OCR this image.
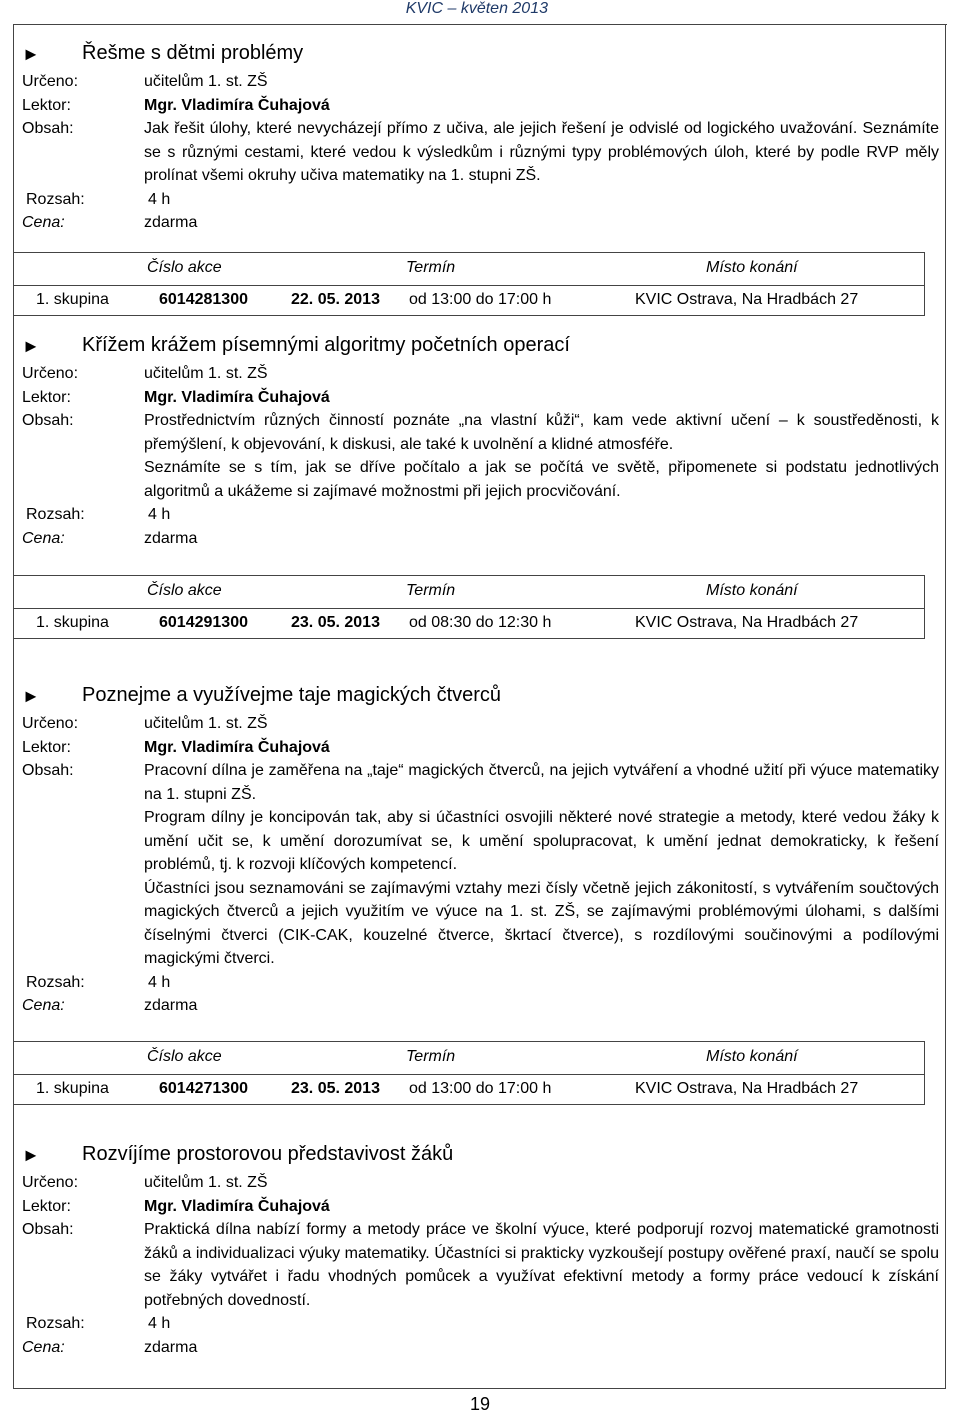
KVIC – květen 2013
► Řešme s dětmi problémy
Určeno:	učitelům 1. st. ZŠ
Lektor:	Mgr. Vladimíra Čuhajová
Obsah:	Jak řešit úlohy, které nevycházejí přímo z učiva, ale jejich řešení je odvislé od logického uvažování. Seznámíte se s různými cestami, které vedou k výsledkům i různými typy problémových úloh, které by podle RVP měly prolínat všemi okruhy učiva matematiky na 1. stupni ZŠ.

Rozsah:	4 h
Cena:	zdarma
Číslo akce	Termín	Místo konání
1. skupina	6014281300	22. 05. 2013 od 13:00 do 17:00 h	KVIC Ostrava, Na Hradbách 27
► Křížem krážem písemnými algoritmy početních operací
Určeno:	učitelům 1. st. ZŠ
Lektor:	Mgr. Vladimíra Čuhajová
Obsah:	Prostřednictvím různých činností poznáte „na vlastní kůži“, kam vede aktivní učení – k soustředěnosti, k přemýšlení, k objevování, k diskusi, ale také k uvolnění a klidné atmosféře.

Seznámíte se s tím, jak se dříve počítalo a jak se počítá ve světě, připomenete si podstatu jednotlivých algoritmů a ukážeme si zajímavé možnostmi při jejich procvičování.

Rozsah:	4 h
Cena:	zdarma
Číslo akce	Termín	Místo konání
1. skupina	6014291300	23. 05. 2013 od 08:30 do 12:30 h	KVIC Ostrava, Na Hradbách 27
► Poznejme a využívejme taje magických čtverců
Určeno:	učitelům 1. st. ZŠ
Lektor:	Mgr. Vladimíra Čuhajová
Obsah:	Pracovní dílna je zaměřena na „taje“ magických čtverců, na jejich vytváření a vhodné užití při výuce matematiky na 1. stupni ZŠ.

Program dílny je koncipován tak, aby si účastníci osvojili některé nové strategie a metody, které vedou žáky k umění učit se, k umění dorozumívat se, k umění spolupracovat, k umění jednat demokraticky, k řešení problémů, tj. k rozvoji klíčových kompetencí.

Účastníci jsou seznamováni se zajímavými vztahy mezi čísly včetně jejich zákonitostí, s vytvářením součtových magických čtverců a jejich využitím ve výuce na 1. st. ZŠ, se zajímavými problémovými úlohami, s dalšími číselnými čtverci (CIK-CAK, kouzelné čtverce, škrtací čtverce), s rozdílovými součinovými a podílovými magickými čtverci.

Rozsah:	4 h
Cena:	zdarma
Číslo akce	Termín	Místo konání
1. skupina	6014271300	23. 05. 2013 od 13:00 do 17:00 h	KVIC Ostrava, Na Hradbách 27
► Rozvíjíme prostorovou představivost žáků
Určeno:	učitelům 1. st. ZŠ
Lektor:	Mgr. Vladimíra Čuhajová
Obsah:	Praktická dílna nabízí formy a metody práce ve školní výuce, které podporují rozvoj matematické gramotnosti žáků a individualizaci výuky matematiky. Účastníci si prakticky vyzkoušejí postupy ověřené praxí, naučí se spolu se žáky vytvářet i řadu vhodných pomůcek a využívat efektivní metody a formy práce vedoucí k získání potřebných dovedností.

Rozsah:	4 h
Cena:	zdarma
19
